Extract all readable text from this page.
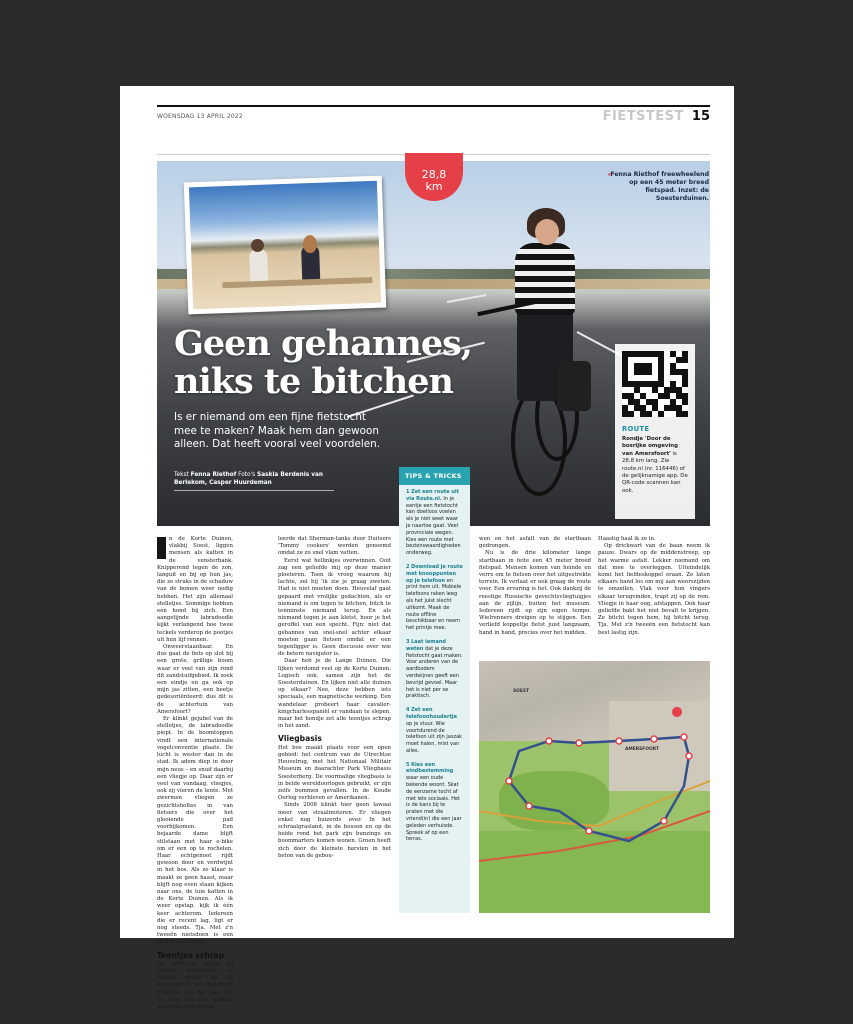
WOENSDAG 13 APRIL 2022	FIETSTEST 15
28,8
km
◂Fenna Riethof freewheelend op een 45 meter breed fietspad. Inzet: de Soesterduinen.
Geen gehannes, niks te bitchen

Is er niemand om een fijne fietstocht mee te maken? Maak hem dan gewoon alleen. Dat heeft vooral veel voordelen.

Tekst Fenna Riethof Foto's Saskia Berdenis van Berlekom, Casper Huurdeman
ROUTE
Rondje 'Door de bosrijke omgeving van Amersfoort' is 28,8 km lang. Zie route.nl (nr. 116446) of de gelijknamige app. De QR-code scannen kan ook.
TIPS & TRICKS
1 Zet een route uit via Route.nl. In je eentje een fietstocht kan doelloos voelen als je niet weet waar je naartoe gaat. Veel provinciale wegen. Kies een route met bezienswaardigheden onderweg.
2 Download je route met knooppunten op je telefoon en print hem uit. Mobiele telefoons raken leeg als het juist slecht uitkomt. Maak de route offline beschikbaar en neem het printje mee.
3 Laat iemand weten dat je deze fietstocht gaat maken. Voor anderen van de aardbodem verdwijnen geeft een bevrijd gevoel. Maar het is niet per se praktisch.
4 Zet een telefoonhoudertje op je stuur. Wie voortdurend de telefoon uit zijn jaszak moet halen, mist van alles.
5 Kies een eindbestemming waar een oude bekende woont. Skat de eenzame tocht af met iets sociaals. Het is de kans bij te praten met die vriend(in) die een jaar geleden verhuisde. Spreek af op een terras.

n de Korte Duinen, vlakbij Soest, liggen mensen als katten in de vensterbank. Knipperend tegen de zon, languit en bij op hun jas, die ze straks in de schaduw van de bomen weer nodig hebben. Het zijn allemaal stelletjes. Sommige hebben een hond bij zich. Een aangelijnde labradoodle kijkt verlangend hoe twee teckels verderop de pootjes uit hun lijf rennen.

Onweerstaanbaar. En dus gaat de fiets op slot bij een grote, grillige boom waar er veel van zijn rond dit zandstuifgebied. Ik zoek een eindje en ga ook op mijn jas zitten, een beetje gedesoriënteerd: dus dit is de achtertuin van Amersfoort?

Er klinkt gejubel van de stelletjes, de labradoodle piept. In de boomtoppen vindt een internationale vogelconventie plaats. De lucht is wester dan in de stad. Ik adem diep in door mijn neus – en snuif daarbij een vliegje op. Daar zijn er veel van vandaag, vliegjes, ook zij vieren de lente. Met zwermen vliegen ze gezichtsholtes in van fietsers die over het glooiende pad voorbijkomen. Een bejaarde dame blijft stilstaan met haar e-bike om er een op te rochelen. Haar echtgenoot rijdt gewoon door en verdwijnt in het bos. Als ze klaar is maakt ze geen haast, maar blijft nog even staan kijken naar ons, de luie katten in de Korte Duinen. Als ik weer opstap, kijk ik één keer achterom. Iedereen die er recent lag, ligt er nog steeds. Tja. Met z'n tweeën nietsdoen is een stuk makkelijker.

Teentjes schrap

De fietstocht begon bij station Amersfoort en eindigt straks na 28 kilometer in het historisch centrum van die stad. Op de heft ligt het militair museum waar ik ooit

leerde dat Sherman-tanks door Duitsers 'Tommy cookers' werden genoemd omdat ze zo snel vlam vatten.

Eerst wat hellinkjes overwinnen. Ooit zag een geliefde mij op deze manier ploeteren. Toen ik vroeg waarom hij lachte, zei hij 'ik zie je graag zweten. Had ie niet moeten doen. Heuvelaf gaat gepaard met vrolijke gedachten, als er niemand is om tegen te bitchen, bitch te tenminste niemand terug. En als niemand tegen je aan kletst, hoor je het geroffel van een specht. Fijn: niet dat gehannes van snel-snel achter elkaar moeten gaan fietsen omdat er een tegenligger is. Geen discussie over wie de betere navigator is.

Daar heb je de Lange Duinen. Die lijken verdomd veel op de Korte Duinen. Logisch ook, samen zijn het de Soesterduinen. En lijken niet alle duinen op elkaar? Nee, deze hebben iets speciaals, een magnetische werking. Een wandelaar probeert haar cavalier-kingcharlesspaniël er vandaan te slepen, maar het hondje zet alle teentjes schrap in het zand.

Vliegbasis

Het bos maakt plaats voor een open gebied: het centrum van de Utrechtse Heuvelrug, met het Nationaal Militair Museum en daarachter Park Vliegbasis Soesterberg. De voormalige vliegbasis is in beide wereldoorlogen gebruikt, er zijn zelfs bommen gevallen. In de Koude Oorlog verbleven er Amerikanen.

Sinds 2008 klinkt hier geen lawaai meer van straalmotoren. Er vliegen enkel nog buizerds over. In het schraalgrasland, in de bossen en op de heide rond het park zijn bunzings en boommarters komen wonen. Groen heeft zich door de kleinste barsten in het beton van de gebou-

wen en het asfalt van de startbaan gedrongen.

Nu is de drie kilometer lange startbaan in feite een 45 meter breed fietspad. Mensen komen van heinde en verre om te fietsen over het uitgestrekte terrein. Ik verlaat er ook graag de route voor. Een ervaring is het. Ook dankzij de reestige Russische gevechtsvliegtuigjes aan de zijlijn, buiten het museum. Iedereen rijdt op zijn eigen tempo. Wielrenners dreigen op te stijgen. Een verliefd koppeltje fietst juist langzaam, hand in hand, precies over het midden.

Haastig haal ik ze in.

Op drickwart van de baan neem ik pauze. Dwars op de middenstreep, op het warme asfalt. Lekker niemand om dat mee te overleggen. Uiteindelijk komt het liefdeskoppel eraan. Ze laten elkaars hand los om mij aan weerszijden te omzeilen. Vlak voor hun vingers elkaar terugvinden, trapt zij op de rem. Vliegje in haar oog, afstappen. Ook haar geliefde bakt het niet bevalt te krijgen. Ze bitcht tegen hem, hij bitcht terug. Tja. Met z'n tweeën een fietstocht kan best lastig zijn.

SOEST
AMERSFOORT
